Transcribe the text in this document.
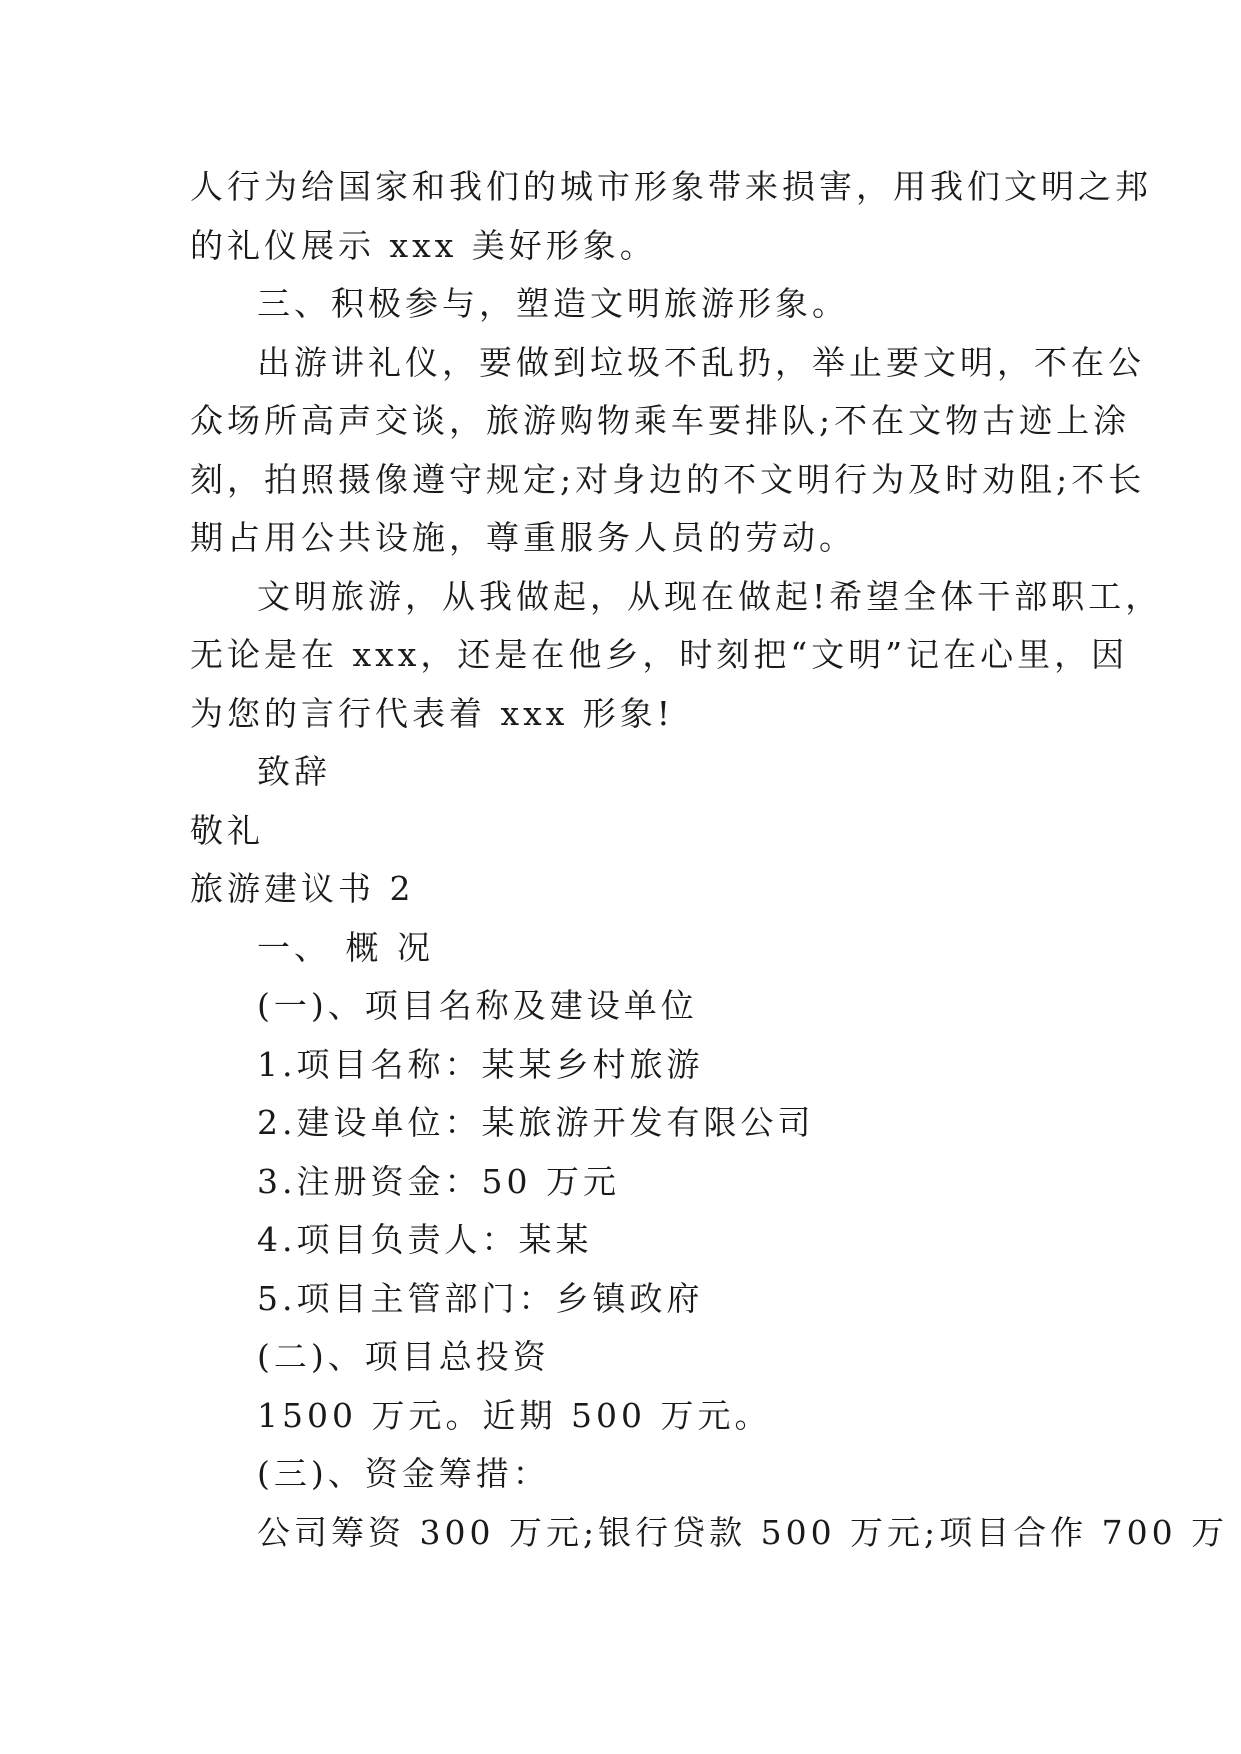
人行为给国家和我们的城市形象带来损害，用我们文明之邦
的礼仪展示 xxx 美好形象。
三、积极参与，塑造文明旅游形象。
出游讲礼仪，要做到垃圾不乱扔，举止要文明，不在公
众场所高声交谈，旅游购物乘车要排队;不在文物古迹上涂
刻，拍照摄像遵守规定;对身边的不文明行为及时劝阻;不长
期占用公共设施，尊重服务人员的劳动。
文明旅游，从我做起，从现在做起!希望全体干部职工，
无论是在 xxx，还是在他乡，时刻把“文明”记在心里，因
为您的言行代表着 xxx 形象!
致辞
敬礼
旅游建议书 2
一、 概 况
(一)、项目名称及建设单位
1.项目名称：某某乡村旅游
2.建设单位：某旅游开发有限公司
3.注册资金：50 万元
4.项目负责人：某某
5.项目主管部门：乡镇政府
(二)、项目总投资
1500 万元。近期 500 万元。
(三)、资金筹措：
公司筹资 300 万元;银行贷款 500 万元;项目合作 700 万
